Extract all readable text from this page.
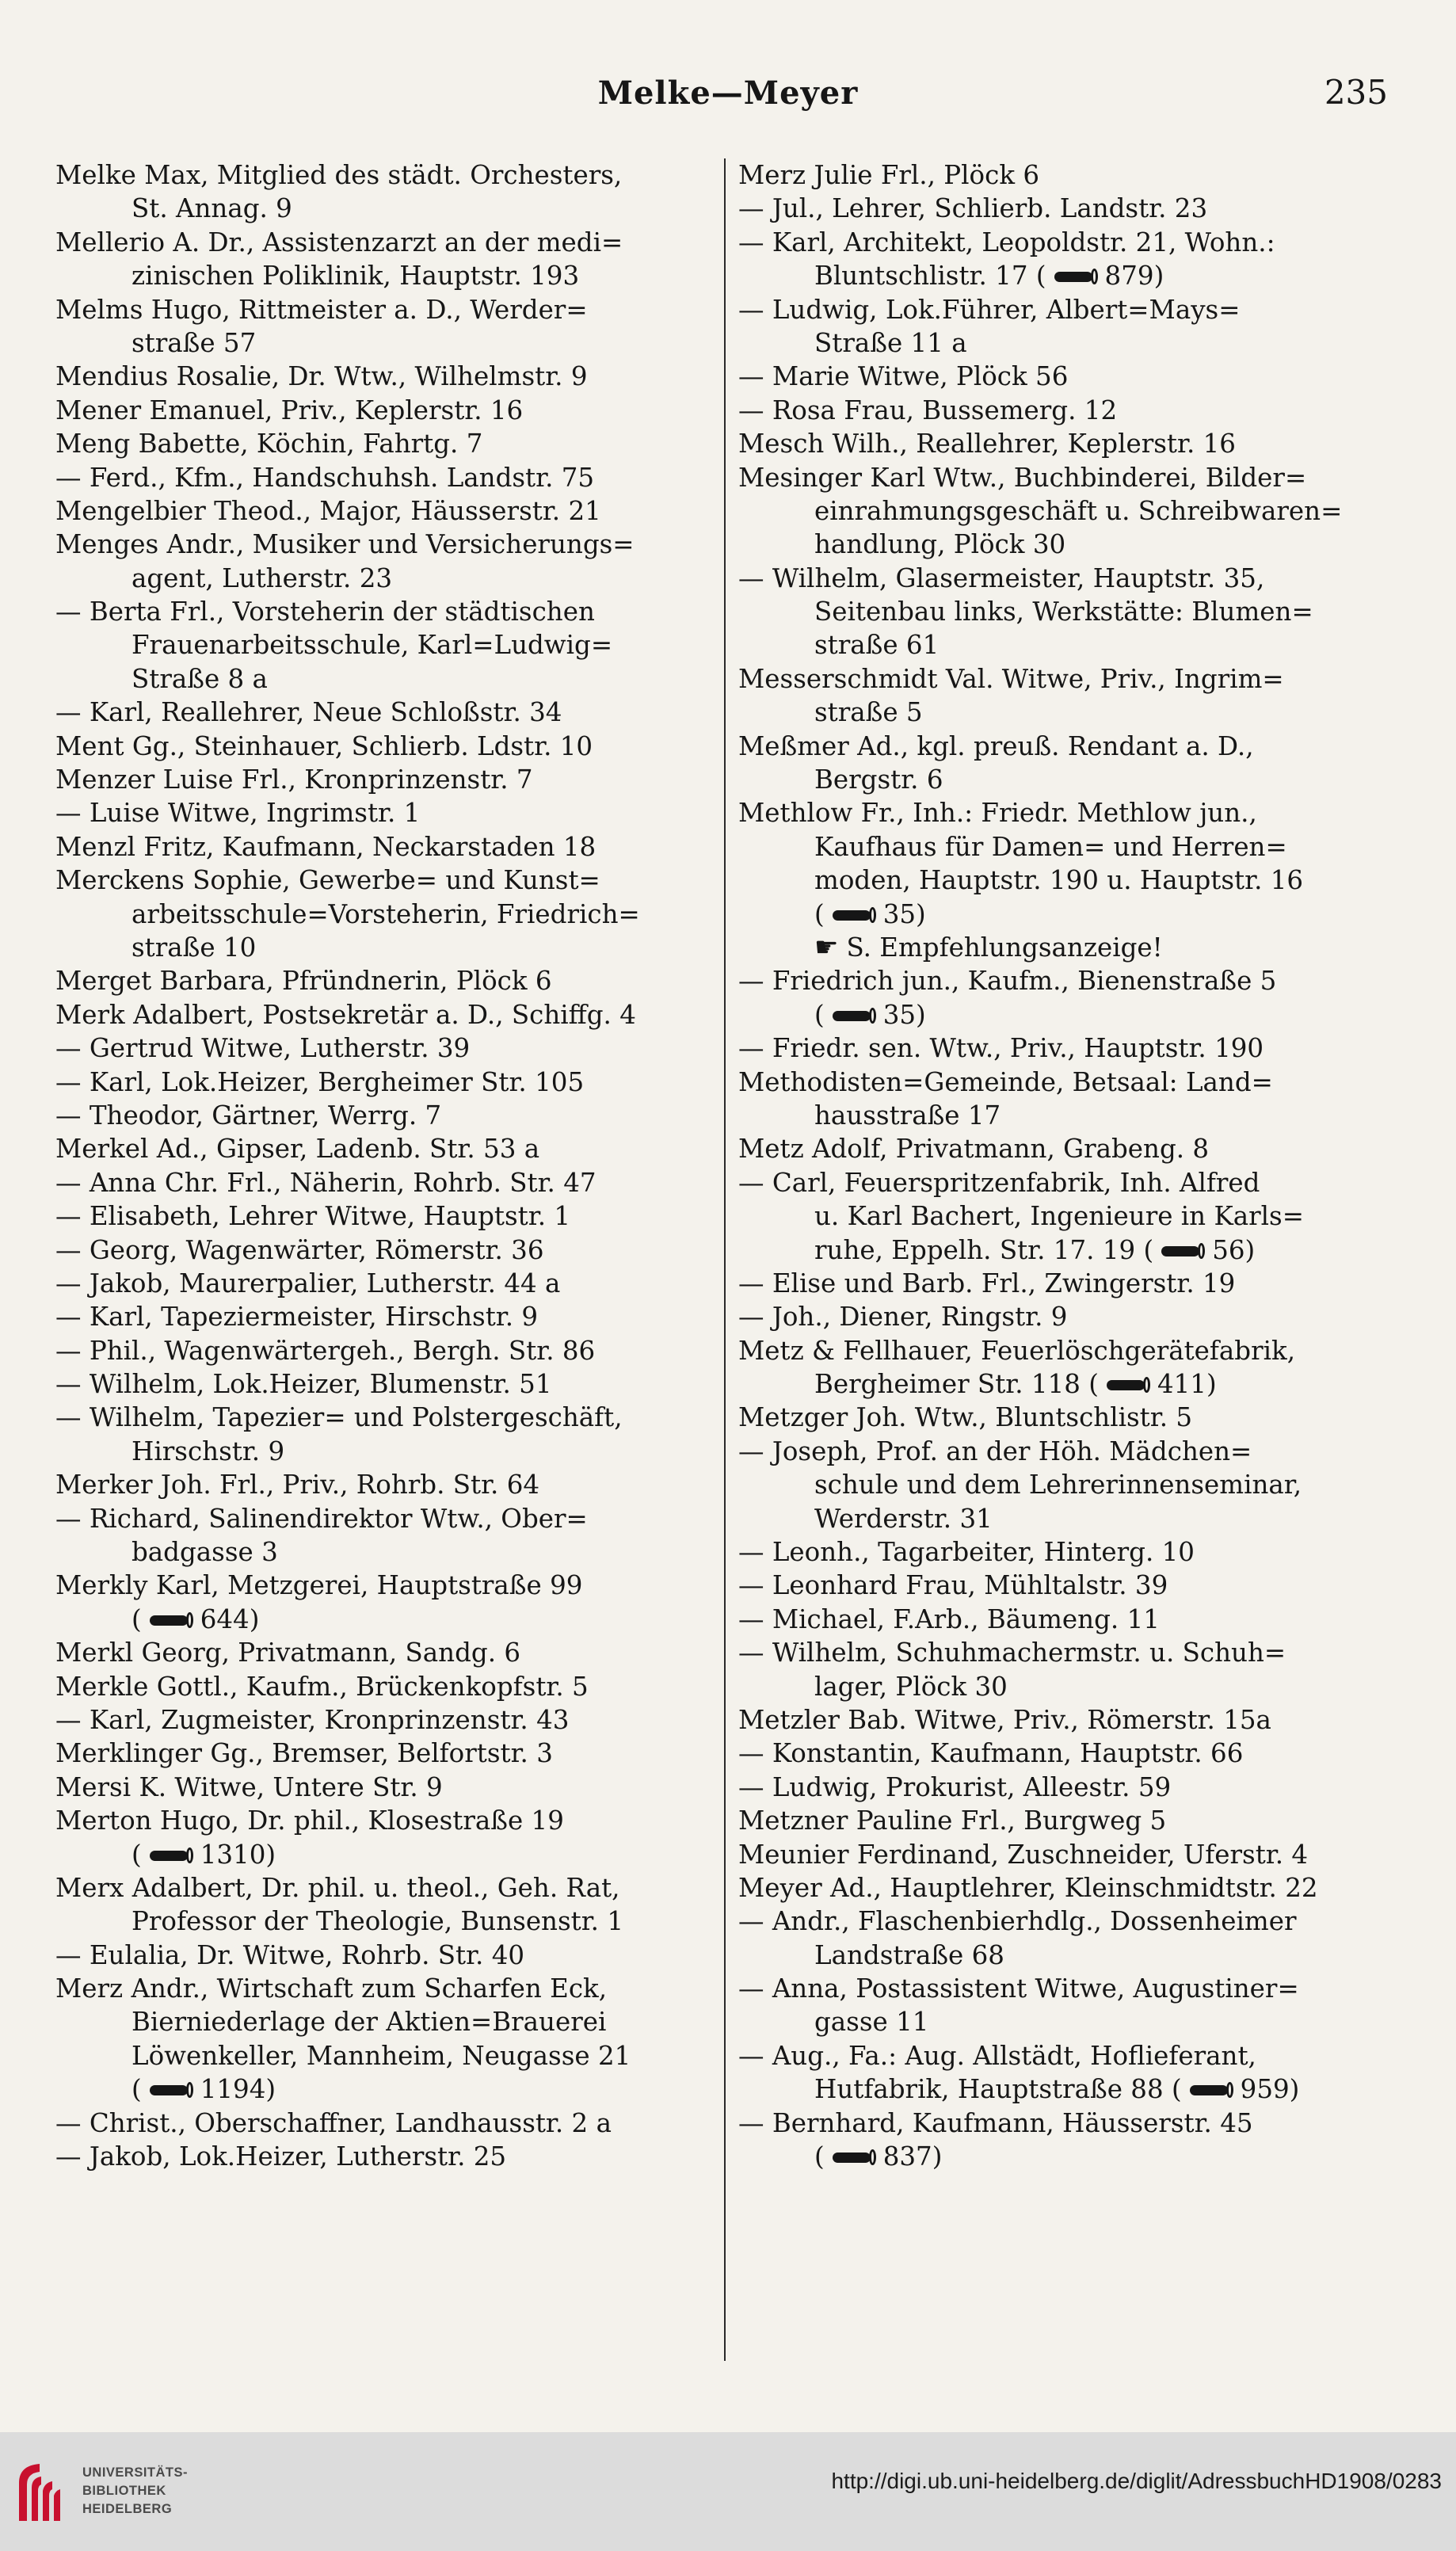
Melke—Meyer	235
Melke Max, Mitglied des städt. Orchesters,
St. Annag. 9
Mellerio A. Dr., Assistenzarzt an der medi=
zinischen Poliklinik, Hauptstr. 193
Melms Hugo, Rittmeister a. D., Werder=
straße 57
Mendius Rosalie, Dr. Wtw., Wilhelmstr. 9
Mener Emanuel, Priv., Keplerstr. 16
Meng Babette, Köchin, Fahrtg. 7
— Ferd., Kfm., Handschuhsh. Landstr. 75
Mengelbier Theod., Major, Häusserstr. 21
Menges Andr., Musiker und Versicherungs=
agent, Lutherstr. 23
— Berta Frl., Vorsteherin der städtischen
Frauenarbeitsschule, Karl=Ludwig=
Straße 8 a
— Karl, Reallehrer, Neue Schloßstr. 34
Ment Gg., Steinhauer, Schlierb. Ldstr. 10
Menzer Luise Frl., Kronprinzenstr. 7
— Luise Witwe, Ingrimstr. 1
Menzl Fritz, Kaufmann, Neckarstaden 18
Merckens Sophie, Gewerbe= und Kunst=
arbeitsschule=Vorsteherin, Friedrich=
straße 10
Merget Barbara, Pfründnerin, Plöck 6
Merk Adalbert, Postsekretär a. D., Schiffg. 4
— Gertrud Witwe, Lutherstr. 39
— Karl, Lok.Heizer, Bergheimer Str. 105
— Theodor, Gärtner, Werrg. 7
Merkel Ad., Gipser, Ladenb. Str. 53 a
— Anna Chr. Frl., Näherin, Rohrb. Str. 47
— Elisabeth, Lehrer Witwe, Hauptstr. 1
— Georg, Wagenwärter, Römerstr. 36
— Jakob, Maurerpalier, Lutherstr. 44 a
— Karl, Tapeziermeister, Hirschstr. 9
— Phil., Wagenwärtergeh., Bergh. Str. 86
— Wilhelm, Lok.Heizer, Blumenstr. 51
— Wilhelm, Tapezier= und Polstergeschäft,
Hirschstr. 9
Merker Joh. Frl., Priv., Rohrb. Str. 64
— Richard, Salinendirektor Wtw., Ober=
badgasse 3
Merkly Karl, Metzgerei, Hauptstraße 99
( 644)
Merkl Georg, Privatmann, Sandg. 6
Merkle Gottl., Kaufm., Brückenkopfstr. 5
— Karl, Zugmeister, Kronprinzenstr. 43
Merklinger Gg., Bremser, Belfortstr. 3
Mersi K. Witwe, Untere Str. 9
Merton Hugo, Dr. phil., Klosestraße 19
( 1310)
Merx Adalbert, Dr. phil. u. theol., Geh. Rat,
Professor der Theologie, Bunsenstr. 1
— Eulalia, Dr. Witwe, Rohrb. Str. 40
Merz Andr., Wirtschaft zum Scharfen Eck,
Bierniederlage der Aktien=Brauerei
Löwenkeller, Mannheim, Neugasse 21
( 1194)
— Christ., Oberschaffner, Landhausstr. 2 a
— Jakob, Lok.Heizer, Lutherstr. 25
Merz Julie Frl., Plöck 6
— Jul., Lehrer, Schlierb. Landstr. 23
— Karl, Architekt, Leopoldstr. 21, Wohn.:
Bluntschlistr. 17 ( 879)
— Ludwig, Lok.Führer, Albert=Mays=
Straße 11 a
— Marie Witwe, Plöck 56
— Rosa Frau, Bussemerg. 12
Mesch Wilh., Reallehrer, Keplerstr. 16
Mesinger Karl Wtw., Buchbinderei, Bilder=
einrahmungsgeschäft u. Schreibwaren=
handlung, Plöck 30
— Wilhelm, Glasermeister, Hauptstr. 35,
Seitenbau links, Werkstätte: Blumen=
straße 61
Messerschmidt Val. Witwe, Priv., Ingrim=
straße 5
Meßmer Ad., kgl. preuß. Rendant a. D.,
Bergstr. 6
Methlow Fr., Inh.: Friedr. Methlow jun.,
Kaufhaus für Damen= und Herren=
moden, Hauptstr. 190 u. Hauptstr. 16
( 35)
☛ S. Empfehlungsanzeige!
— Friedrich jun., Kaufm., Bienenstraße 5
( 35)
— Friedr. sen. Wtw., Priv., Hauptstr. 190
Methodisten=Gemeinde, Betsaal: Land=
hausstraße 17
Metz Adolf, Privatmann, Grabeng. 8
— Carl, Feuerspritzenfabrik, Inh. Alfred
u. Karl Bachert, Ingenieure in Karls=
ruhe, Eppelh. Str. 17. 19 ( 56)
— Elise und Barb. Frl., Zwingerstr. 19
— Joh., Diener, Ringstr. 9
Metz & Fellhauer, Feuerlöschgerätefabrik,
Bergheimer Str. 118 ( 411)
Metzger Joh. Wtw., Bluntschlistr. 5
— Joseph, Prof. an der Höh. Mädchen=
schule und dem Lehrerinnenseminar,
Werderstr. 31
— Leonh., Tagarbeiter, Hinterg. 10
— Leonhard Frau, Mühltalstr. 39
— Michael, F.Arb., Bäumeng. 11
— Wilhelm, Schuhmachermstr. u. Schuh=
lager, Plöck 30
Metzler Bab. Witwe, Priv., Römerstr. 15a
— Konstantin, Kaufmann, Hauptstr. 66
— Ludwig, Prokurist, Alleestr. 59
Metzner Pauline Frl., Burgweg 5
Meunier Ferdinand, Zuschneider, Uferstr. 4
Meyer Ad., Hauptlehrer, Kleinschmidtstr. 22
— Andr., Flaschenbierhdlg., Dossenheimer
Landstraße 68
— Anna, Postassistent Witwe, Augustiner=
gasse 11
— Aug., Fa.: Aug. Allstädt, Hoflieferant,
Hutfabrik, Hauptstraße 88 ( 959)
— Bernhard, Kaufmann, Häusserstr. 45
( 837)
UNIVERSITÄTS-
BIBLIOTHEK
HEIDELBERG
http://digi.ub.uni-heidelberg.de/diglit/AdressbuchHD1908/0283
